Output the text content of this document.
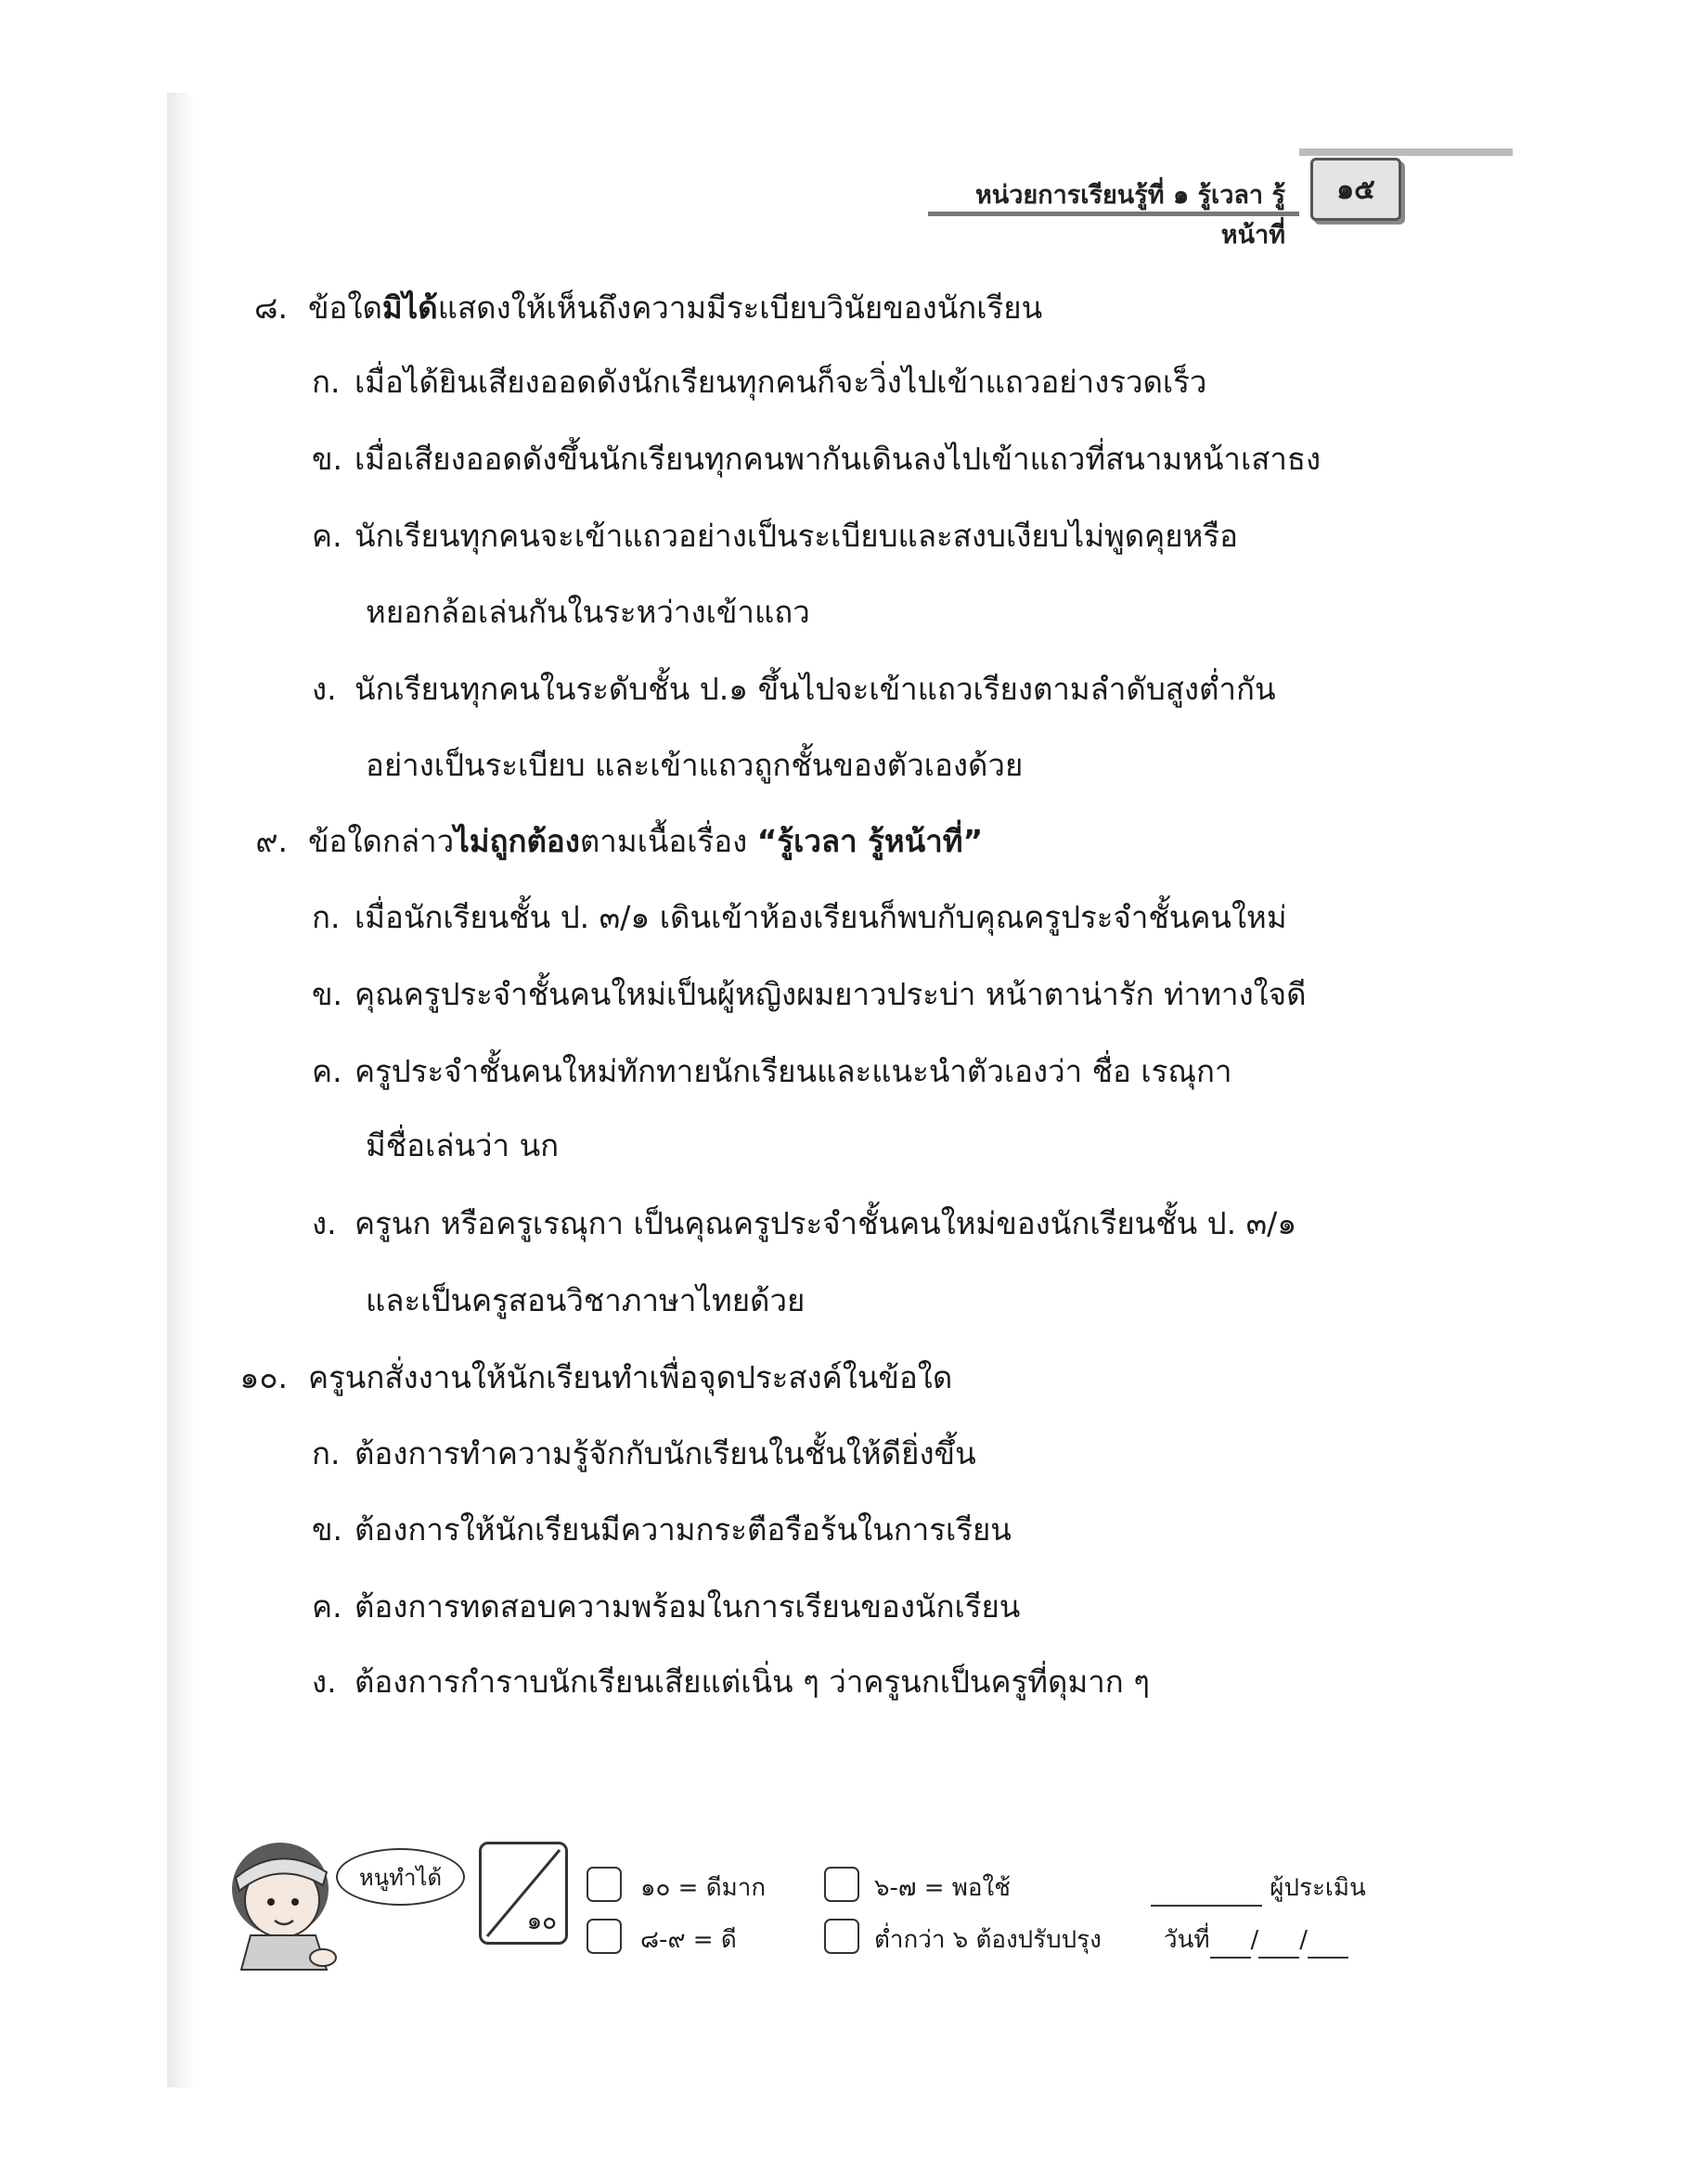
หน่วยการเรียนรู้ที่ ๑ รู้เวลา รู้หน้าที่
๑๕
๘. ข้อใดมิได้แสดงให้เห็นถึงความมีระเบียบวินัยของนักเรียน
ก. เมื่อได้ยินเสียงออดดังนักเรียนทุกคนก็จะวิ่งไปเข้าแถวอย่างรวดเร็ว
ข. เมื่อเสียงออดดังขึ้นนักเรียนทุกคนพากันเดินลงไปเข้าแถวที่สนามหน้าเสาธง
ค. นักเรียนทุกคนจะเข้าแถวอย่างเป็นระเบียบและสงบเงียบไม่พูดคุยหรือ
หยอกล้อเล่นกันในระหว่างเข้าแถว
ง. นักเรียนทุกคนในระดับชั้น ป.๑ ขึ้นไปจะเข้าแถวเรียงตามลำดับสูงต่ำกัน
อย่างเป็นระเบียบ และเข้าแถวถูกชั้นของตัวเองด้วย
๙. ข้อใดกล่าวไม่ถูกต้องตามเนื้อเรื่อง “รู้เวลา รู้หน้าที่”
ก. เมื่อนักเรียนชั้น ป. ๓/๑ เดินเข้าห้องเรียนก็พบกับคุณครูประจำชั้นคนใหม่
ข. คุณครูประจำชั้นคนใหม่เป็นผู้หญิงผมยาวประบ่า หน้าตาน่ารัก ท่าทางใจดี
ค. ครูประจำชั้นคนใหม่ทักทายนักเรียนและแนะนำตัวเองว่า ชื่อ เรณุกา
มีชื่อเล่นว่า นก
ง. ครูนก หรือครูเรณุกา เป็นคุณครูประจำชั้นคนใหม่ของนักเรียนชั้น ป. ๓/๑
และเป็นครูสอนวิชาภาษาไทยด้วย
๑๐. ครูนกสั่งงานให้นักเรียนทำเพื่อจุดประสงค์ในข้อใด
ก. ต้องการทำความรู้จักกับนักเรียนในชั้นให้ดียิ่งขึ้น
ข. ต้องการให้นักเรียนมีความกระตือรือร้นในการเรียน
ค. ต้องการทดสอบความพร้อมในการเรียนของนักเรียน
ง. ต้องการกำราบนักเรียนเสียแต่เนิ่น ๆ ว่าครูนกเป็นครูที่ดุมาก ๆ
หนูทำได้
๑๐
๑๐ = ดีมาก	๖-๗ = พอใช้	ผู้ประเมิน
๘-๙ = ดี	ต่ำกว่า ๖ ต้องปรับปรุง	วันที่ / /
